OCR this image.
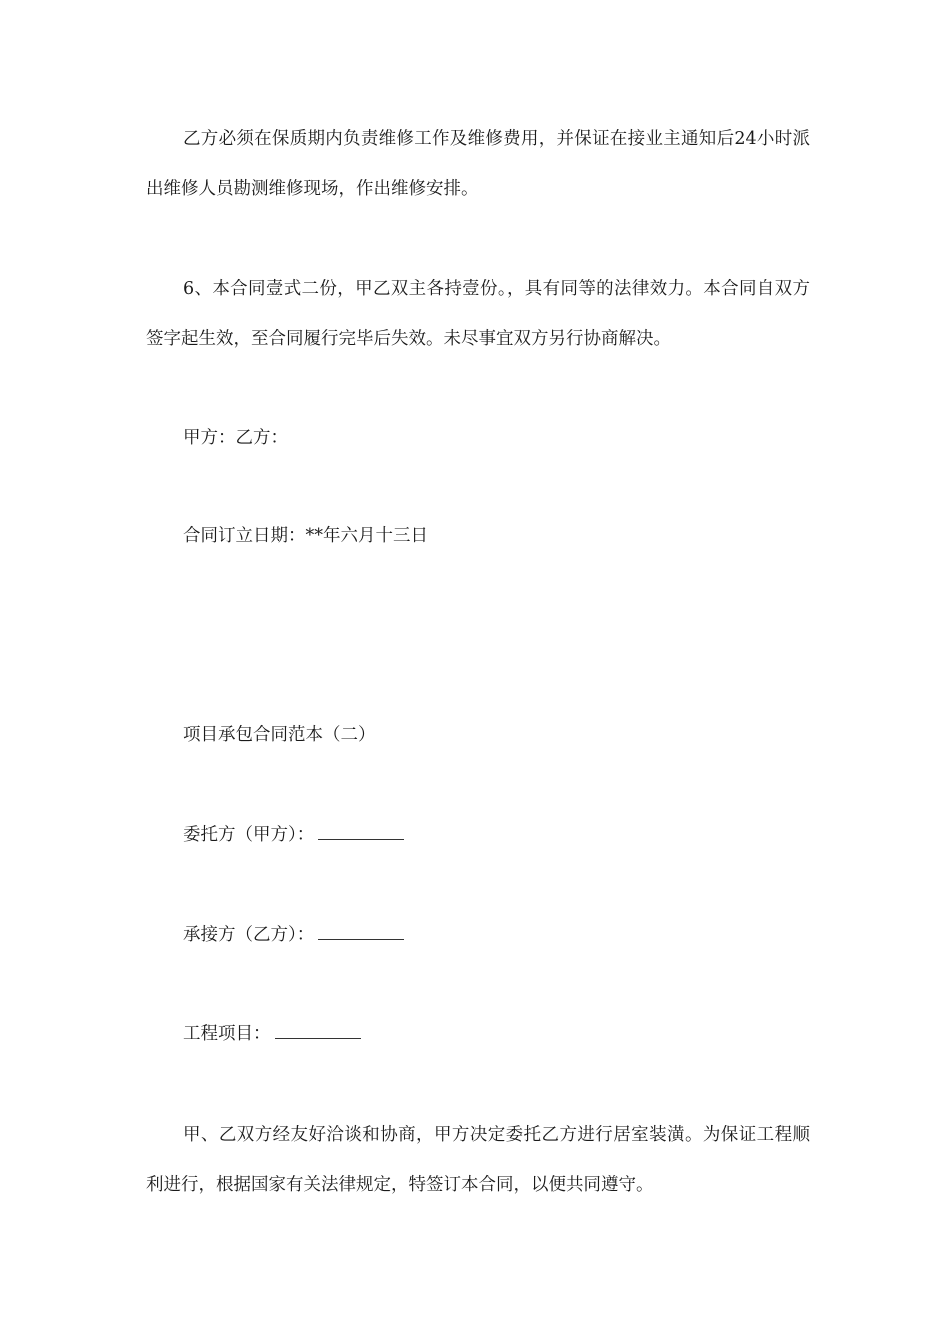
乙方必须在保质期内负责维修工作及维修费用，并保证在接业主通知后24小时派出维修人员勘测维修现场，作出维修安排。

6、本合同壹式二份，甲乙双主各持壹份。，具有同等的法律效力。本合同自双方签字起生效，至合同履行完毕后失效。未尽事宜双方另行协商解决。

甲方：乙方：

合同订立日期：**年六月十三日

项目承包合同范本（二）

委托方（甲方）：

承接方（乙方）：

工程项目：

甲、乙双方经友好洽谈和协商，甲方决定委托乙方进行居室装潢。为保证工程顺利进行，根据国家有关法律规定，特签订本合同，以便共同遵守。
